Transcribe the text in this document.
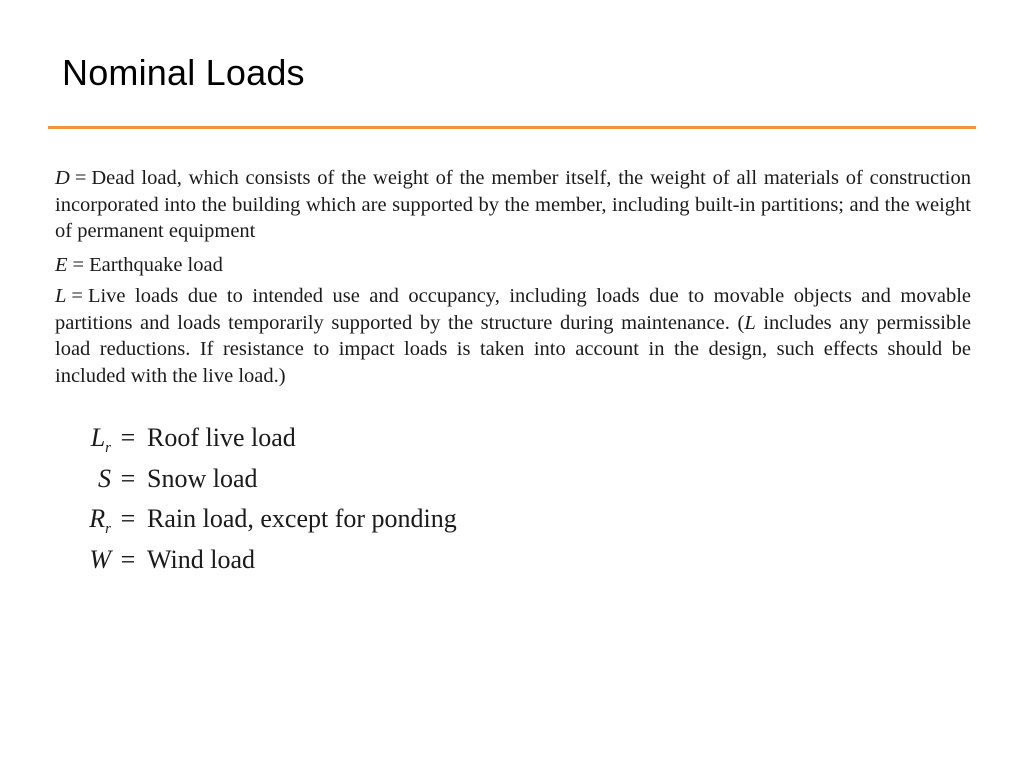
Nominal Loads

D = Dead load, which consists of the weight of the member itself, the weight of all materials of construction incorporated into the building which are supported by the member, including built-in partitions; and the weight of permanent equipment

E = Earthquake load

L = Live loads due to intended use and occupancy, including loads due to movable objects and movable partitions and loads temporarily supported by the structure during maintenance. (L includes any permissible load reductions. If resistance to impact loads is taken into account in the design, such effects should be included with the live load.)

$L_r$ = Roof live load
S = Snow load
$R_r$ = Rain load, except for ponding
W = Wind load
